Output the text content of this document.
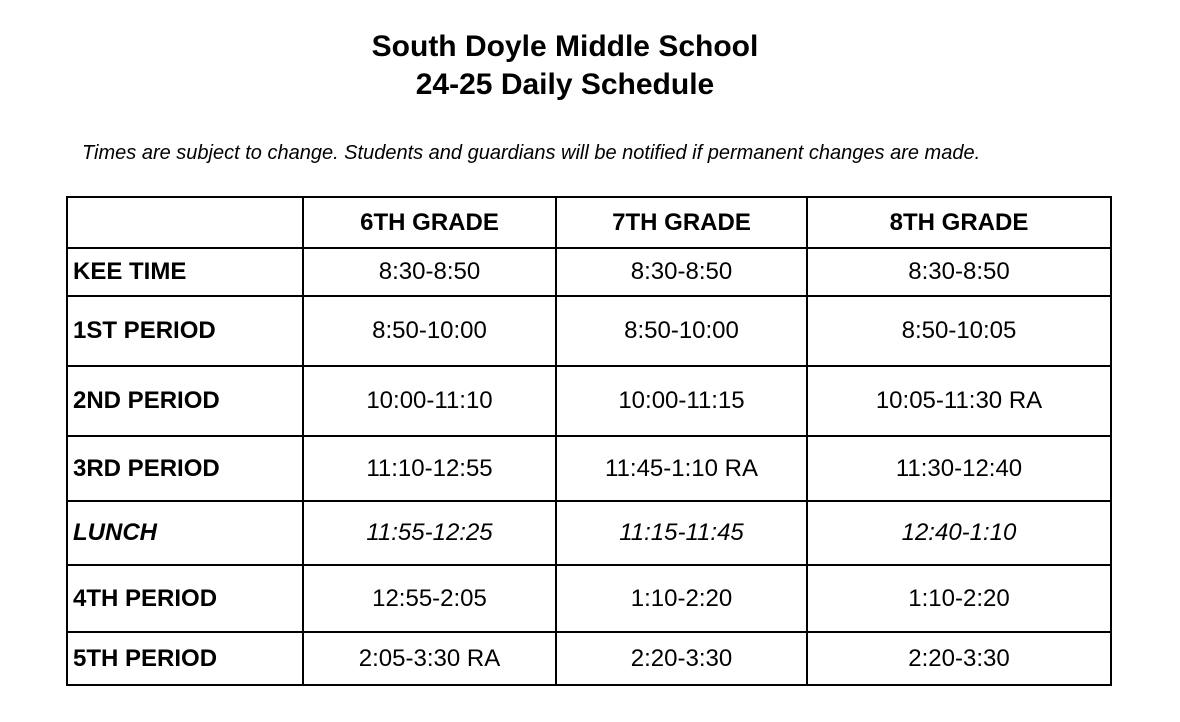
South Doyle Middle School
24-25 Daily Schedule
Times are subject to change. Students and guardians will be notified if permanent changes are made.
	6TH GRADE	7TH GRADE	8TH GRADE
KEE TIME	8:30-8:50	8:30-8:50	8:30-8:50
1ST PERIOD	8:50-10:00	8:50-10:00	8:50-10:05
2ND PERIOD	10:00-11:10	10:00-11:15	10:05-11:30 RA
3RD PERIOD	11:10-12:55	11:45-1:10 RA	11:30-12:40
LUNCH	11:55-12:25	11:15-11:45	12:40-1:10
4TH PERIOD	12:55-2:05	1:10-2:20	1:10-2:20
5TH PERIOD	2:05-3:30 RA	2:20-3:30	2:20-3:30
